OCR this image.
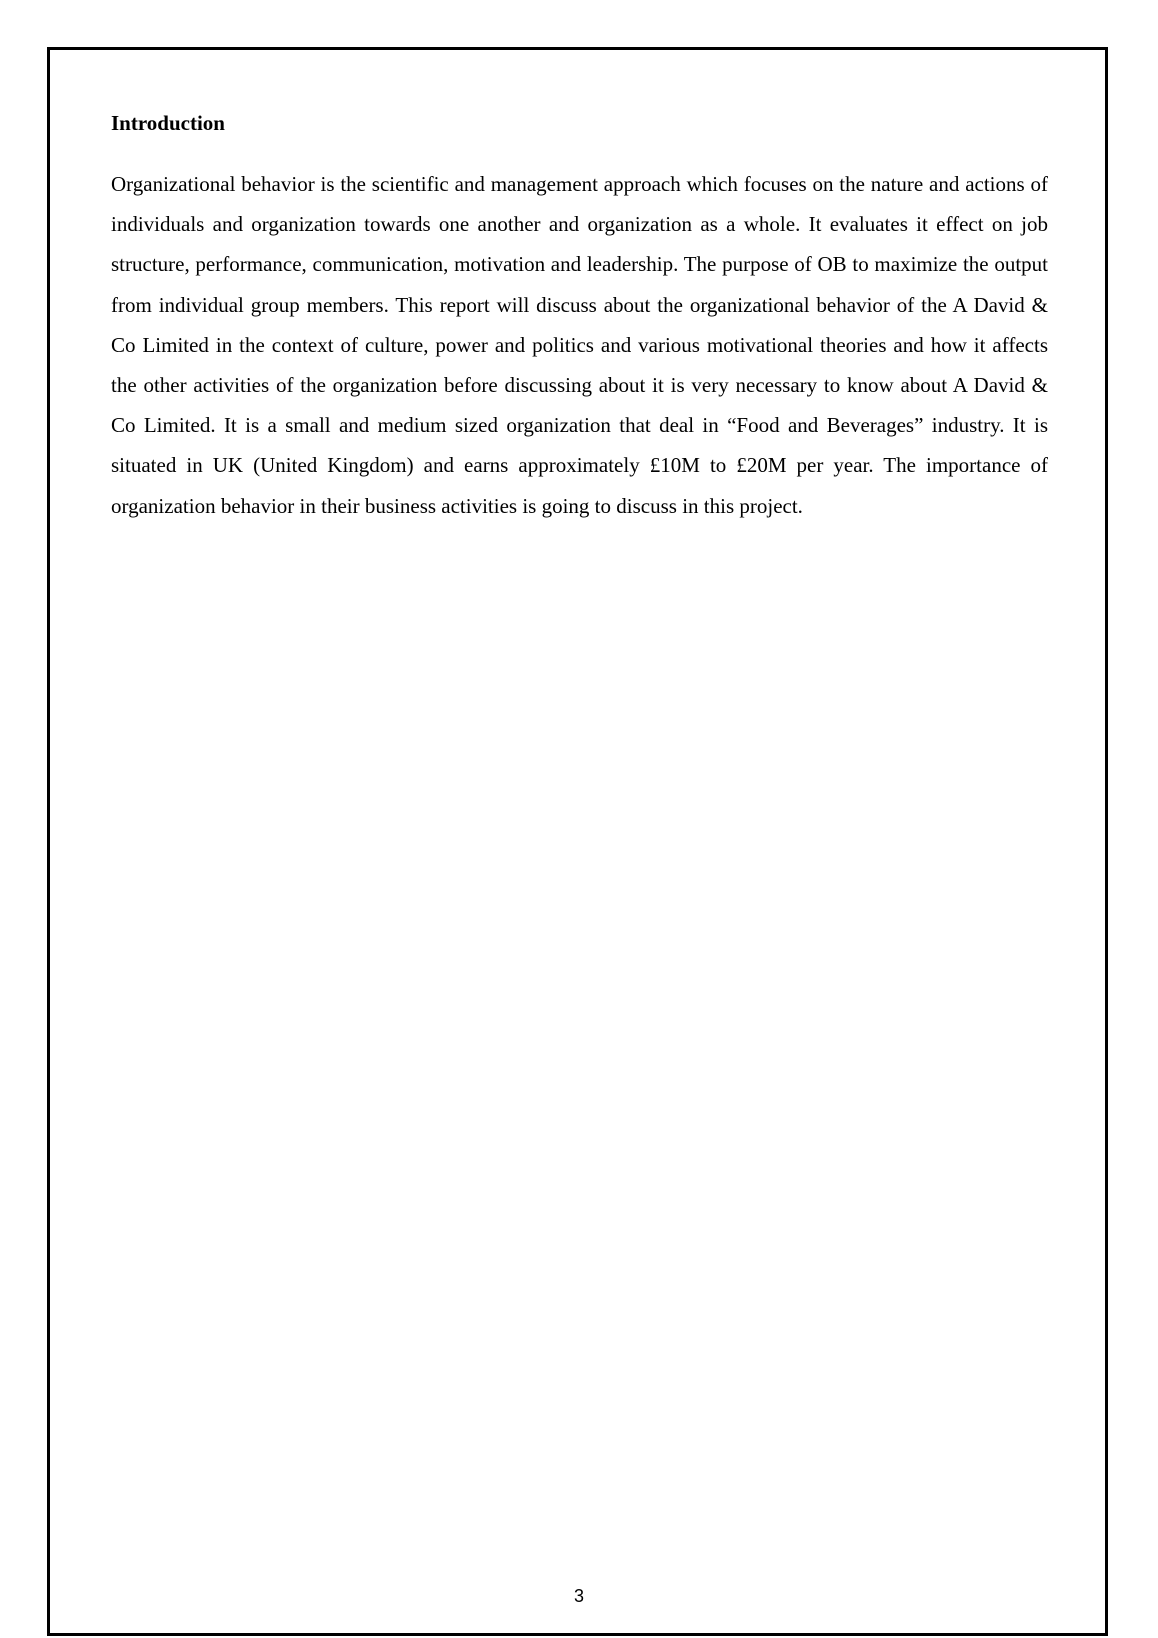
Introduction

Organizational behavior is the scientific and management approach which focuses on the nature and actions of individuals and organization towards one another and organization as a whole. It evaluates it effect on job structure, performance, communication, motivation and leadership. The purpose of OB to maximize the output from individual group members. This report will discuss about the organizational behavior of the A David & Co Limited in the context of culture, power and politics and various motivational theories and how it affects the other activities of the organization before discussing about it is very necessary to know about A David & Co Limited. It is a small and medium sized organization that deal in “Food and Beverages” industry. It is situated in UK (United Kingdom) and earns approximately £10M to £20M per year. The importance of organization behavior in their business activities is going to discuss in this project.

3
